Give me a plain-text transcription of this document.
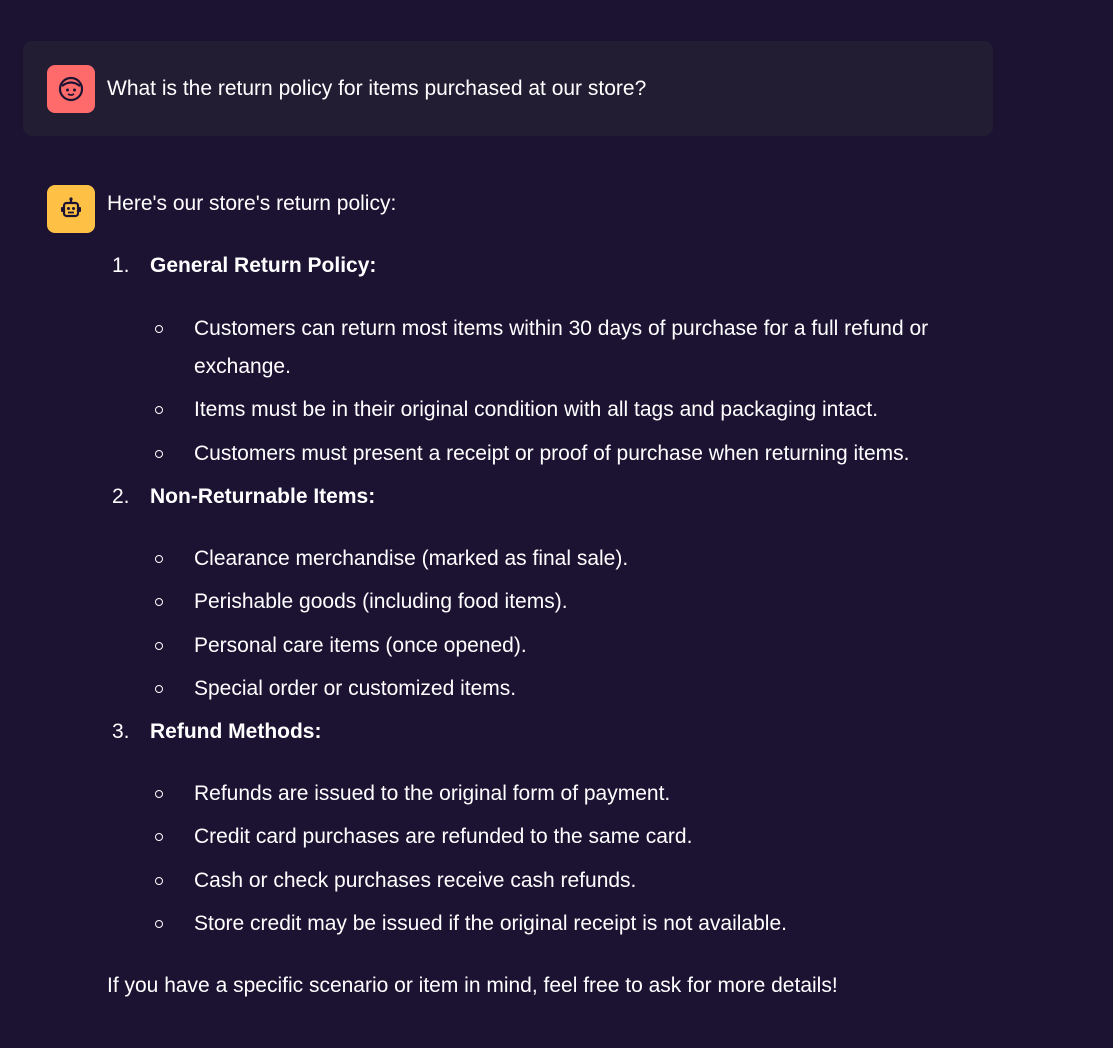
What is the return policy for items purchased at our store?
Here's our store's return policy:
1. General Return Policy:
Customers can return most items within 30 days of purchase for a full refund or exchange.
Items must be in their original condition with all tags and packaging intact.
Customers must present a receipt or proof of purchase when returning items.
2. Non-Returnable Items:
Clearance merchandise (marked as final sale).
Perishable goods (including food items).
Personal care items (once opened).
Special order or customized items.
3. Refund Methods:
Refunds are issued to the original form of payment.
Credit card purchases are refunded to the same card.
Cash or check purchases receive cash refunds.
Store credit may be issued if the original receipt is not available.
If you have a specific scenario or item in mind, feel free to ask for more details!
